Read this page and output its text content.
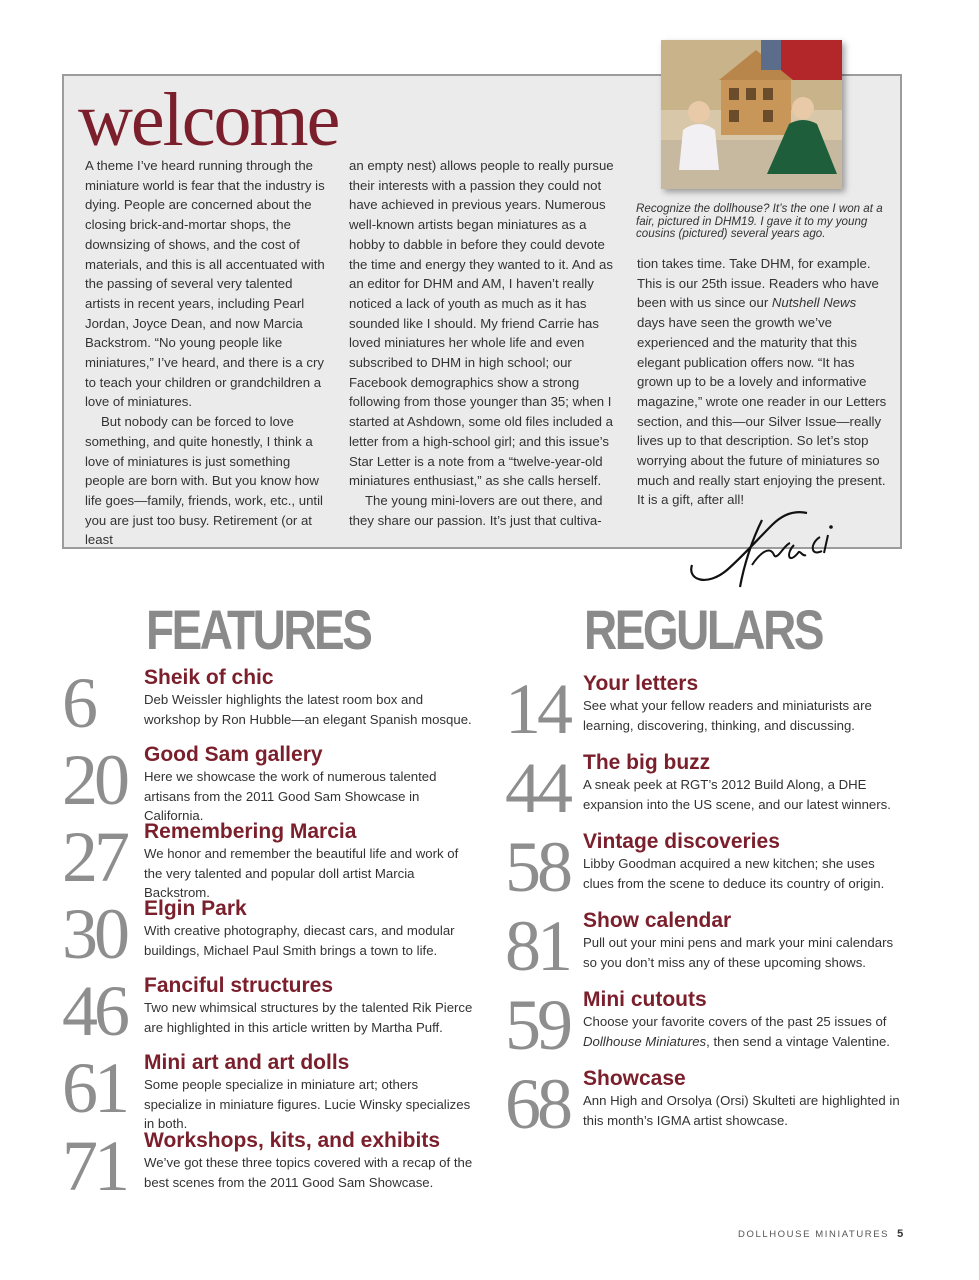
welcome

A theme I’ve heard running through the miniature world is fear that the industry is dying. People are concerned about the closing brick-and-mortar shops, the downsizing of shows, and the cost of materials, and this is all accentuated with the passing of several very talented artists in recent years, including Pearl Jordan, Joyce Dean, and now Marcia Backstrom. “No young people like miniatures,” I’ve heard, and there is a cry to teach your children or grandchildren a love of miniatures.

But nobody can be forced to love something, and quite honestly, I think a love of miniatures is just something people are born with. But you know how life goes—family, friends, work, etc., until you are just too busy. Retirement (or at least

an empty nest) allows people to really pursue their interests with a passion they could not have achieved in previous years. Numerous well-known artists began miniatures as a hobby to dabble in before they could devote the time and energy they wanted to it. And as an editor for DHM and AM, I haven’t really noticed a lack of youth as much as it has sounded like I should. My friend Carrie has loved miniatures her whole life and even subscribed to DHM in high school; our Facebook demographics show a strong following from those younger than 35; when I started at Ashdown, some old files included a letter from a high-school girl; and this issue’s Star Letter is a note from a “twelve-year-old miniatures enthusiast,” as she calls herself.

The young mini-lovers are out there, and they share our passion. It’s just that cultiva-

tion takes time. Take DHM, for example. This is our 25th issue. Readers who have been with us since our Nutshell News days have seen the growth we’ve experienced and the maturity that this elegant publication offers now. “It has grown up to be a lovely and informative magazine,” wrote one reader in our Letters section, and this—our Silver Issue—really lives up to that description. So let’s stop worrying about the future of miniatures so much and really start enjoying the present. It is a gift, after all!

Recognize the dollhouse? It’s the one I won at a fair, pictured in DHM19. I gave it to my young cousins (pictured) several years ago.
FEATURES	REGULARS
6 Sheik of chic
Deb Weissler highlights the latest room box and workshop by Ron Hubble—an elegant Spanish mosque.
20 Good Sam gallery
Here we showcase the work of numerous talented artisans from the 2011 Good Sam Showcase in California.
27 Remembering Marcia
We honor and remember the beautiful life and work of the very talented and popular doll artist Marcia Backstrom.
30 Elgin Park
With creative photography, diecast cars, and modular buildings, Michael Paul Smith brings a town to life.
46 Fanciful structures
Two new whimsical structures by the talented Rik Pierce are highlighted in this article written by Martha Puff.
61 Mini art and art dolls
Some people specialize in miniature art; others specialize in miniature figures. Lucie Winsky specializes in both.
71 Workshops, kits, and exhibits
We’ve got these three topics covered with a recap of the best scenes from the 2011 Good Sam Showcase.
14 Your letters
See what your fellow readers and miniaturists are learning, discovering, thinking, and discussing.
44 The big buzz
A sneak peek at RGT’s 2012 Build Along, a DHE expansion into the US scene, and our latest winners.
58 Vintage discoveries
Libby Goodman acquired a new kitchen; she uses clues from the scene to deduce its country of origin.
81 Show calendar
Pull out your mini pens and mark your mini calendars so you don’t miss any of these upcoming shows.
59 Mini cutouts
Choose your favorite covers of the past 25 issues of Dollhouse Miniatures, then send a vintage Valentine.
68 Showcase
Ann High and Orsolya (Orsi) Skulteti are highlighted in this month’s IGMA artist showcase.
DOLLHOUSE MINIATURES 5
